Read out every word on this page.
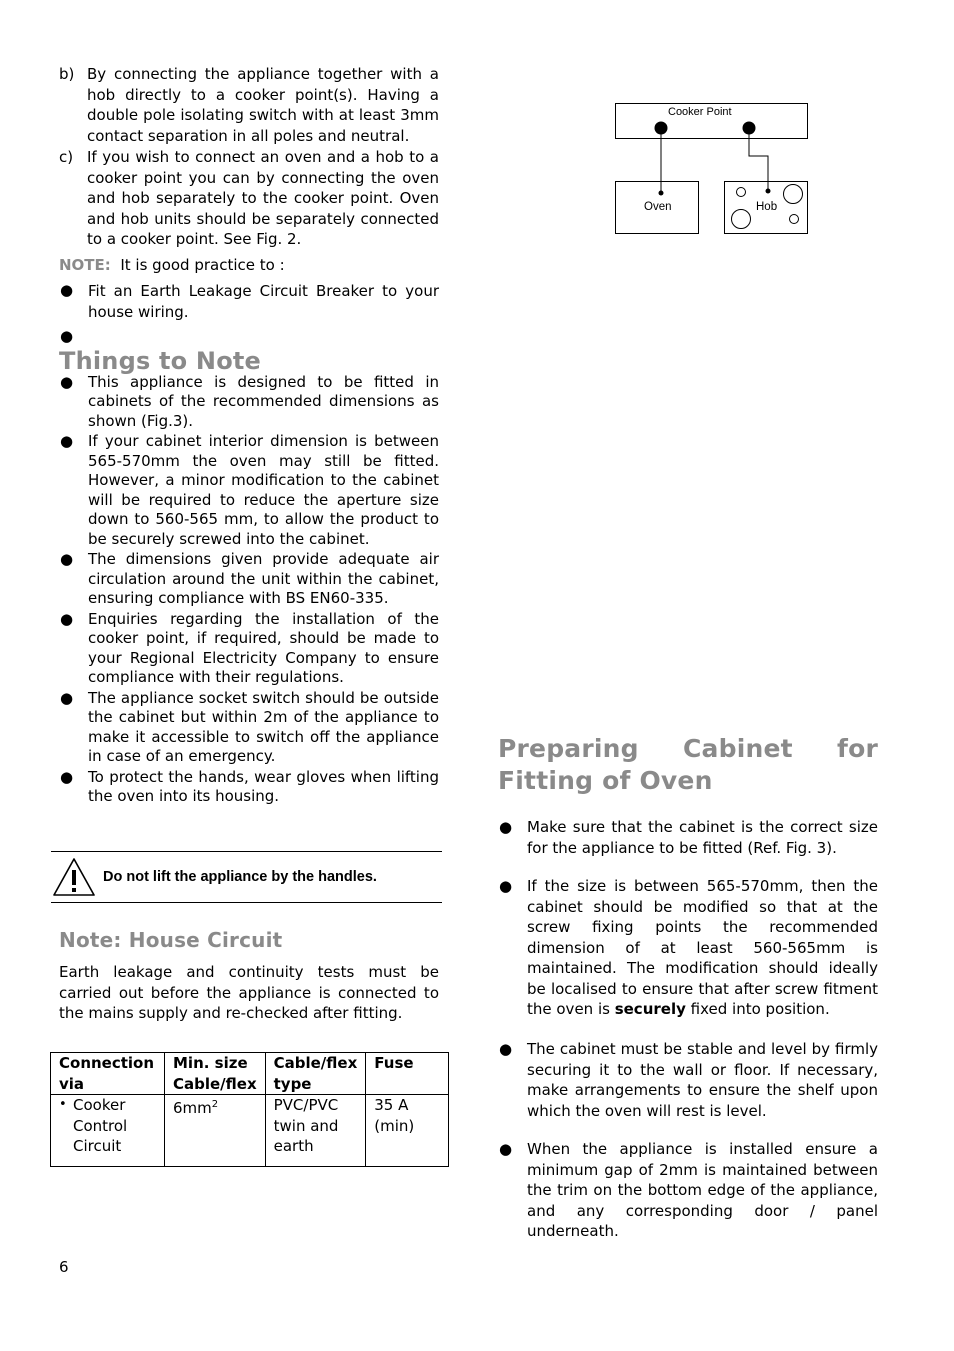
b) By connecting the appliance together with a hob directly to a cooker point(s). Having a double pole isolating switch with at least 3mm contact separation in all poles and neutral.
c) If you wish to connect an oven and a hob to a cooker point you can by connecting the oven and hob separately to the cooker point. Oven and hob units should be separately connected to a cooker point. See Fig. 2.

NOTE: It is good practice to :

● Fit an Earth Leakage Circuit Breaker to your house wiring.
●
Things to Note
● This appliance is designed to be fitted in cabinets of the recommended dimensions as shown (Fig.3).
● If your cabinet interior dimension is between 565-570mm the oven may still be fitted. However, a minor modification to the cabinet will be required to reduce the aperture size down to 560-565 mm, to allow the product to be securely screwed into the cabinet.
● The dimensions given provide adequate air circulation around the unit within the cabinet, ensuring compliance with BS EN60-335.
● Enquiries regarding the installation of the cooker point, if required, should be made to your Regional Electricity Company to ensure compliance with their regulations.
● The appliance socket switch should be outside the cabinet but within 2m of the appliance to make it accessible to switch off the appliance in case of an emergency.
● To protect the hands, wear gloves when lifting the oven into its housing.
Do not lift the appliance by the handles.
Note: House Circuit

Earth leakage and continuity tests must be carried out before the appliance is connected to the mains supply and re-checked after fitting.

Connection via	Min. size Cable/flex	Cable/flex type	Fuse

• Cooker Control Circuit	$6mm^2$	PVC/PVC twin and earth	35 A (min)
6
Cooker Point
Oven	Hob
Preparing Cabinet for Fitting of Oven
● Make sure that the cabinet is the correct size for the appliance to be fitted (Ref. Fig. 3).
● If the size is between 565-570mm, then the cabinet should be modified so that at the screw fixing points the recommended dimension of at least 560-565mm is maintained. The modification should ideally be localised to ensure that after screw fitment the oven is securely fixed into position.
● The cabinet must be stable and level by firmly securing it to the wall or floor. If necessary, make arrangements to ensure the shelf upon which the oven will rest is level.
● When the appliance is installed ensure a minimum gap of 2mm is maintained between the trim on the bottom edge of the appliance, and any corresponding door / panel underneath.
